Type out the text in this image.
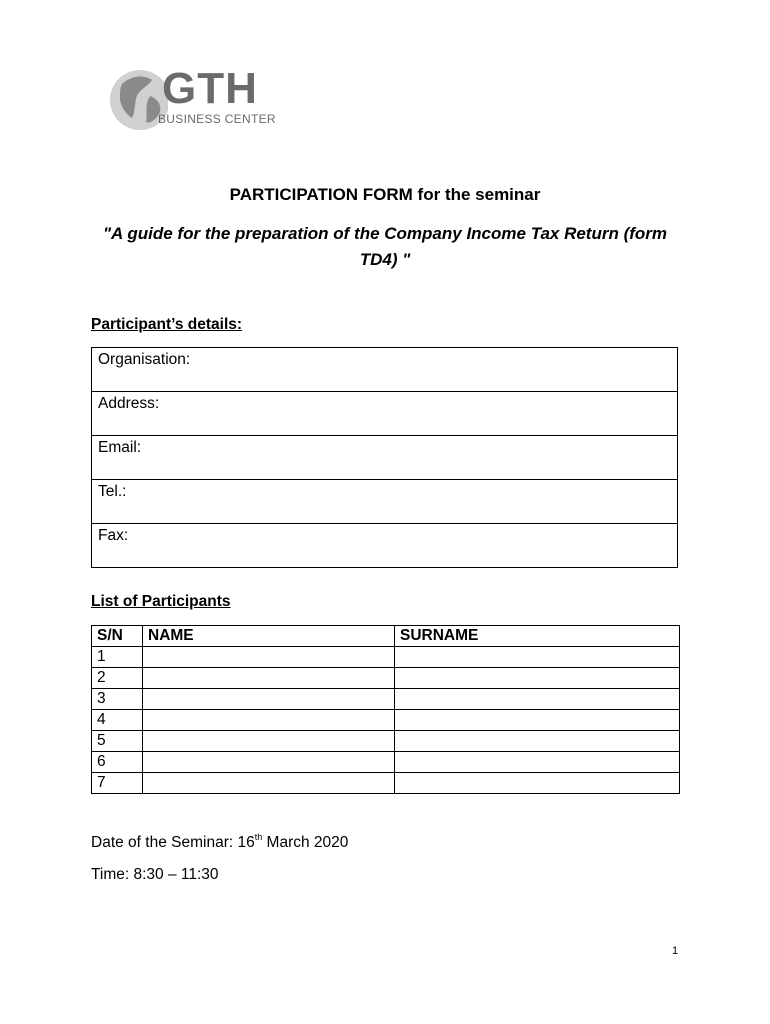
GTH
BUSINESS CENTER
PARTICIPATION FORM for the seminar
"A guide for the preparation of the Company Income Tax Return (form TD4) "
Participant’s details:
Organisation:
Address:
Email:
Tel.:
Fax:
List of Participants
S/N	NAME	SURNAME
1		
2		
3		
4		
5		
6		
7		
Date of the Seminar: 16th March 2020
Time: 8:30 – 11:30
1
